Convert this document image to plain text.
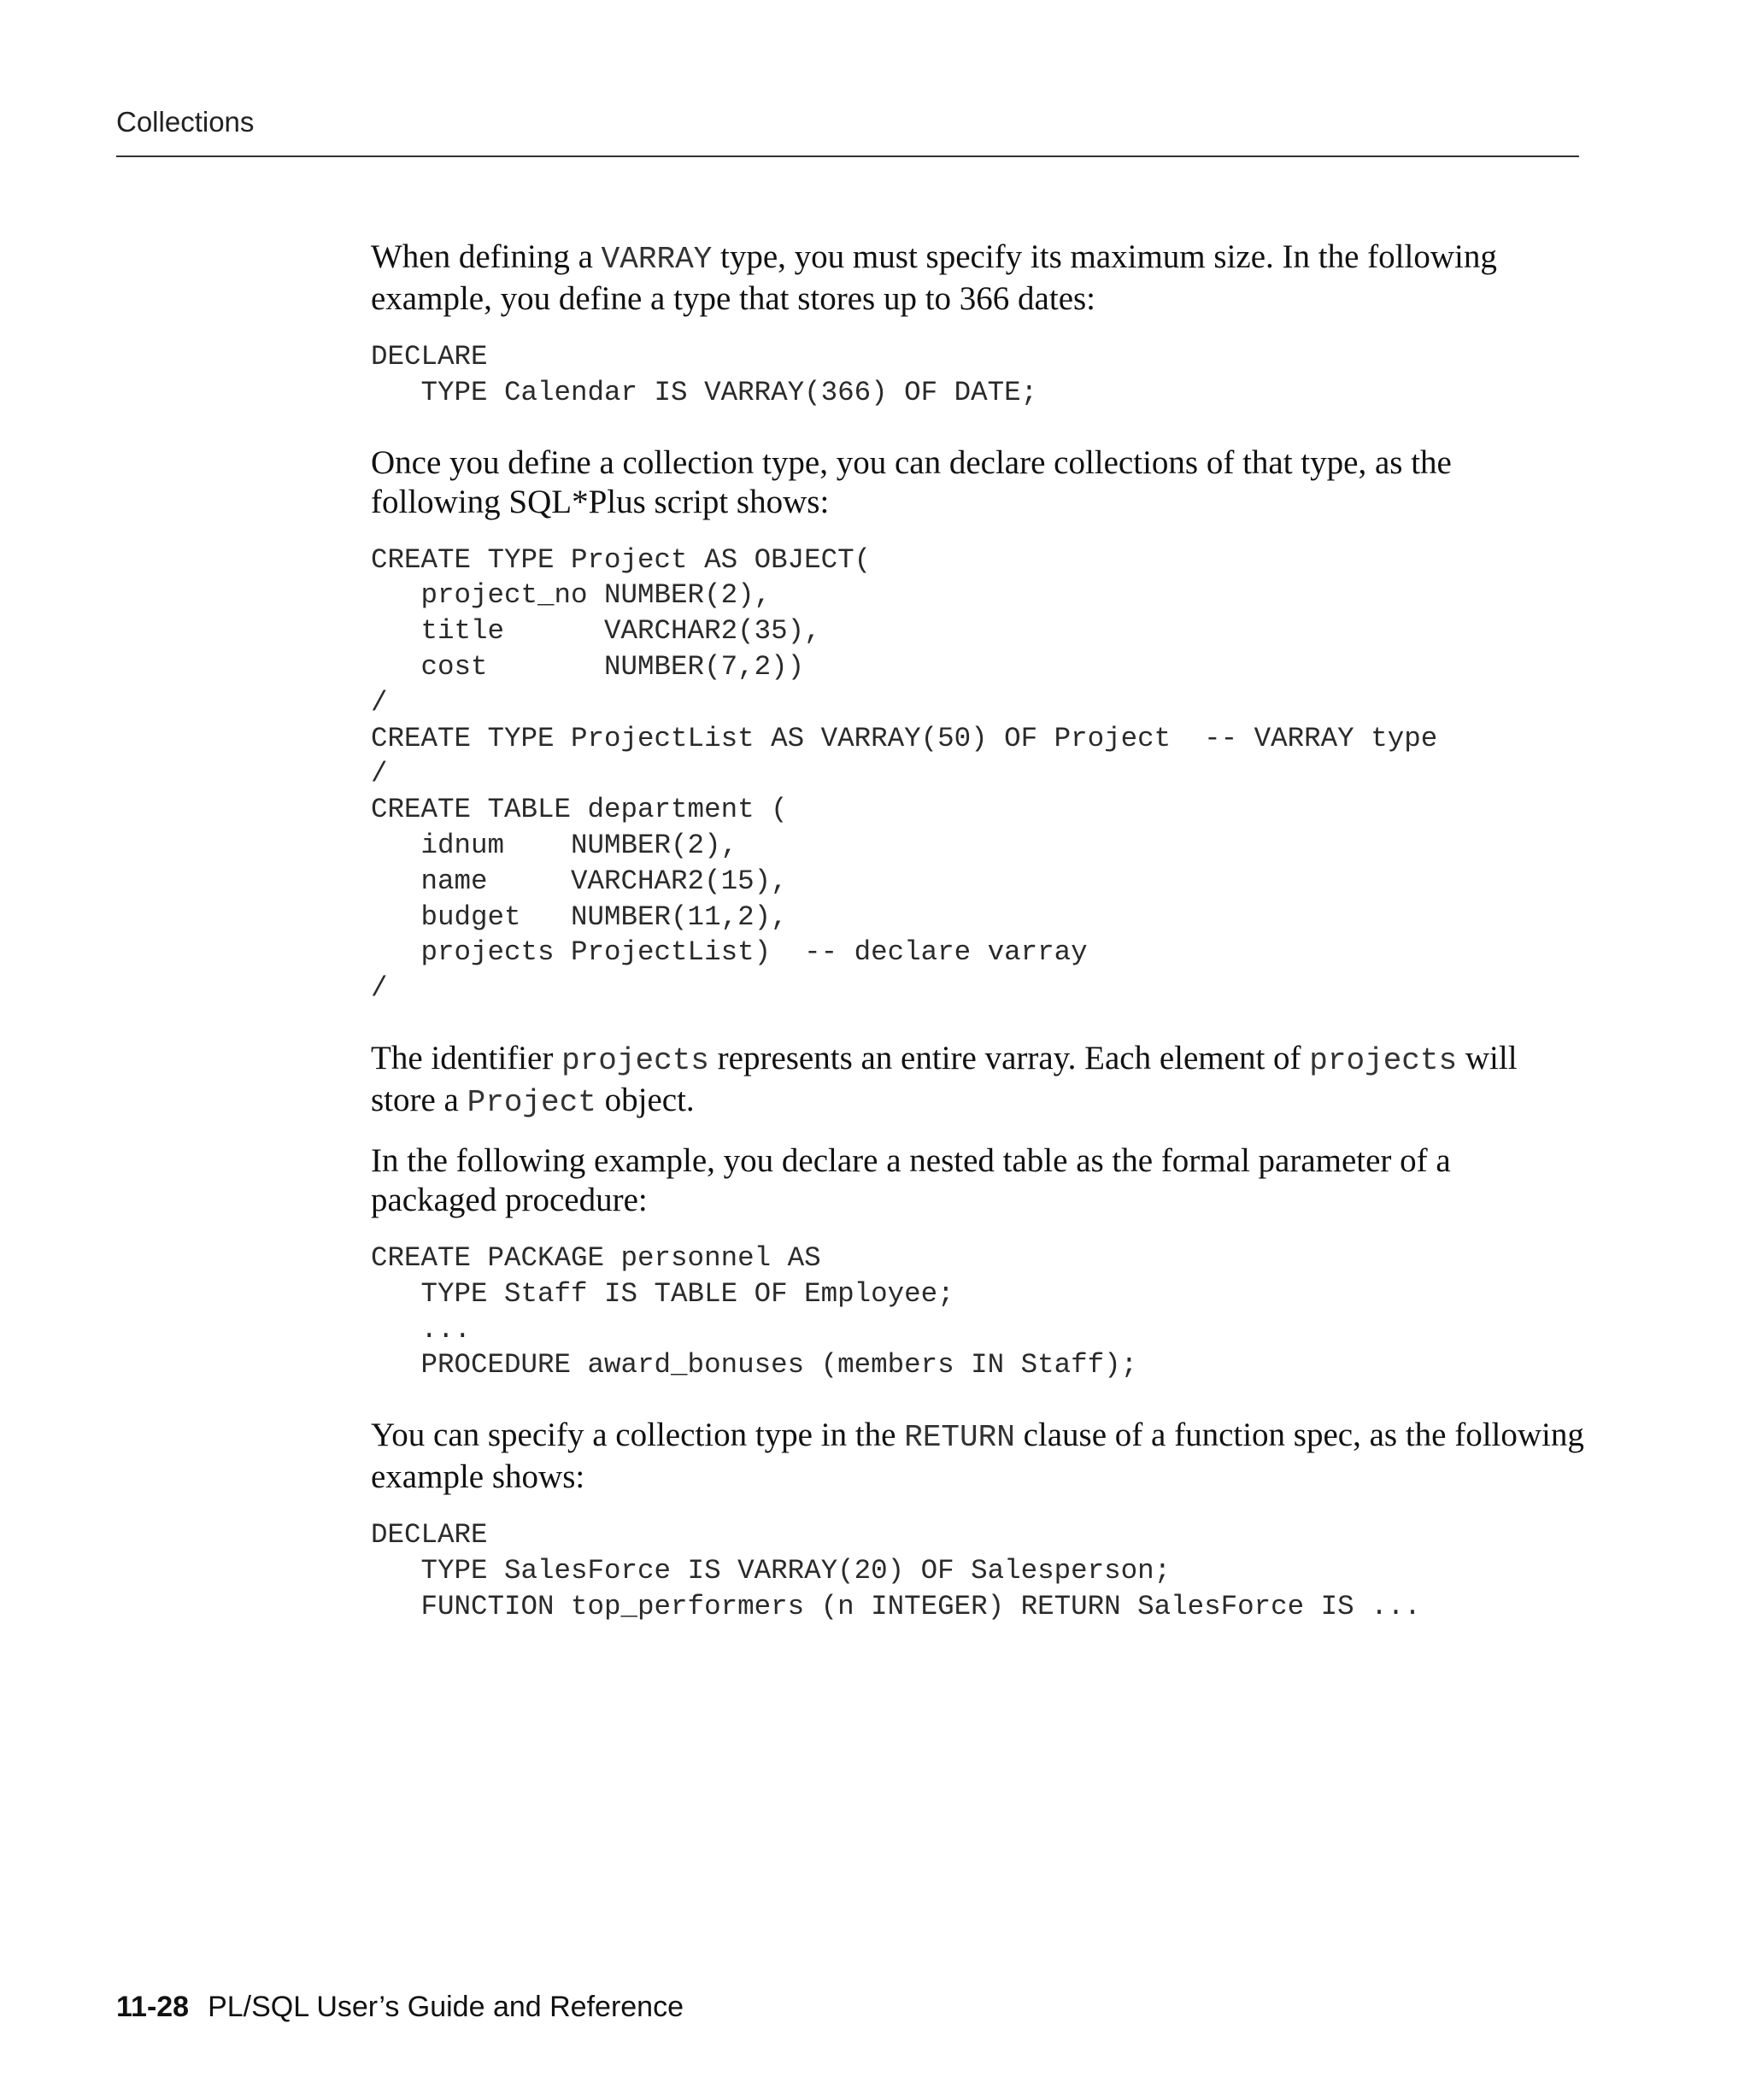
Collections

When defining a VARRAY type, you must specify its maximum size. In the following example, you define a type that stores up to 366 dates:

DECLARE
TYPE Calendar IS VARRAY(366) OF DATE;

Once you define a collection type, you can declare collections of that type, as the following SQL*Plus script shows:

CREATE TYPE Project AS OBJECT(
project_no NUMBER(2),
title      VARCHAR2(35),
cost       NUMBER(7,2))
/
CREATE TYPE ProjectList AS VARRAY(50) OF Project  -- VARRAY type
/
CREATE TABLE department (
idnum    NUMBER(2),
name     VARCHAR2(15),
budget   NUMBER(11,2),
projects ProjectList)  -- declare varray
/

The identifier projects represents an entire varray. Each element of projects will store a Project object.

In the following example, you declare a nested table as the formal parameter of a packaged procedure:

CREATE PACKAGE personnel AS
TYPE Staff IS TABLE OF Employee;
...
PROCEDURE award_bonuses (members IN Staff);

You can specify a collection type in the RETURN clause of a function spec, as the following example shows:

DECLARE
TYPE SalesForce IS VARRAY(20) OF Salesperson;
FUNCTION top_performers (n INTEGER) RETURN SalesForce IS ...
11-28 PL/SQL User’s Guide and Reference
